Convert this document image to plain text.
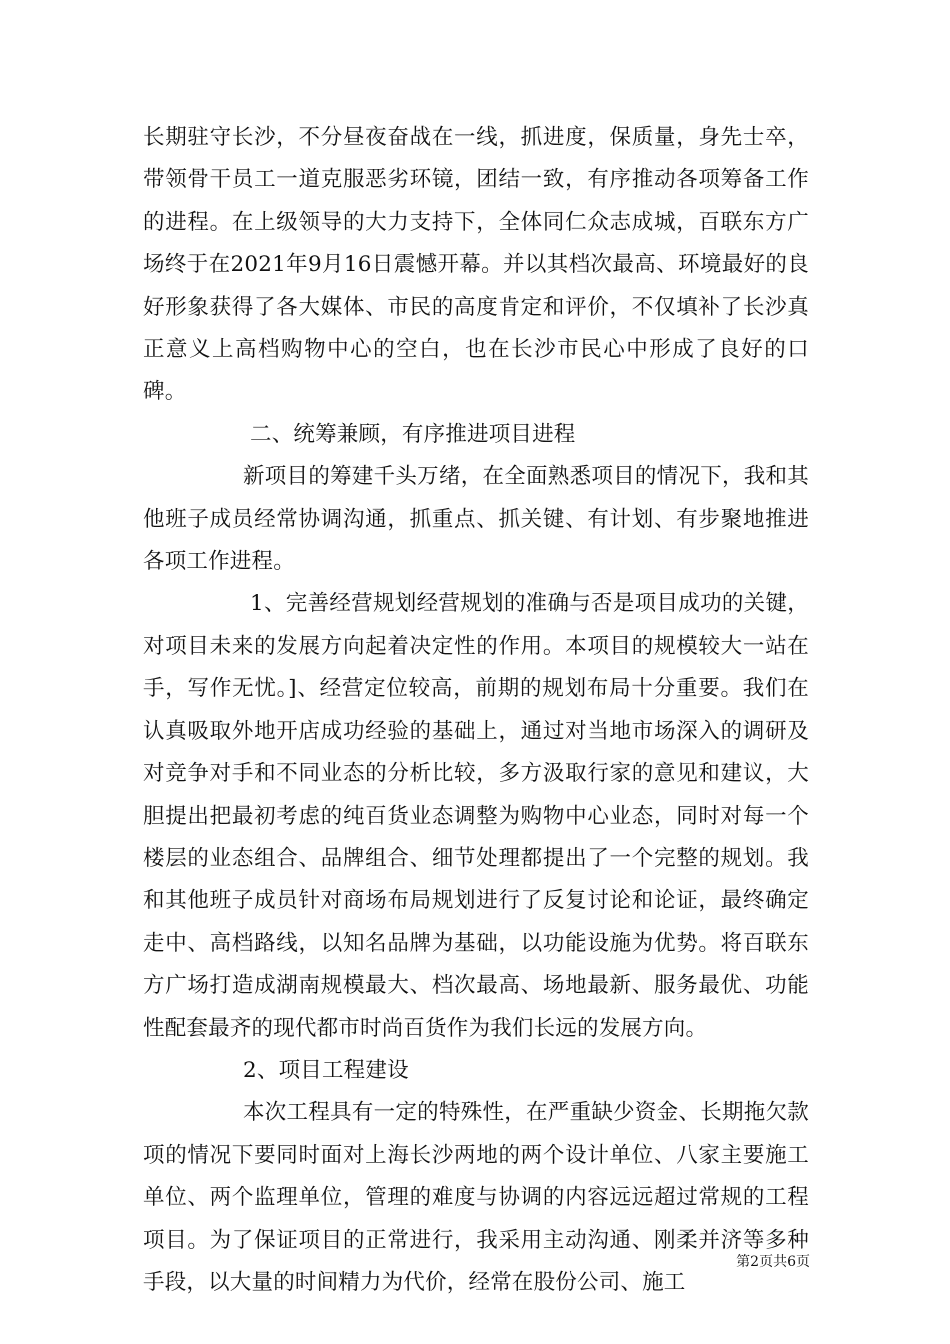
长期驻守长沙，不分昼夜奋战在一线，抓进度，保质量，身先士卒，带领骨干员工一道克服恶劣环镜，团结一致，有序推动各项筹备工作的进程。在上级领导的大力支持下，全体同仁众志成城，百联东方广场终于在2021年9月16日震憾开幕。并以其档次最高、环境最好的良好形象获得了各大媒体、市民的高度肯定和评价，不仅填补了长沙真正意义上高档购物中心的空白，也在长沙市民心中形成了良好的口碑。

二、统筹兼顾，有序推进项目进程

新项目的筹建千头万绪，在全面熟悉项目的情况下，我和其他班子成员经常协调沟通，抓重点、抓关键、有计划、有步聚地推进各项工作进程。

1、完善经营规划经营规划的准确与否是项目成功的关键，对项目未来的发展方向起着决定性的作用。本项目的规模较大一站在手，写作无忧。]、经营定位较高，前期的规划布局十分重要。我们在认真吸取外地开店成功经验的基础上，通过对当地市场深入的调研及对竞争对手和不同业态的分析比较，多方汲取行家的意见和建议，大胆提出把最初考虑的纯百货业态调整为购物中心业态，同时对每一个楼层的业态组合、品牌组合、细节处理都提出了一个完整的规划。我和其他班子成员针对商场布局规划进行了反复讨论和论证，最终确定走中、高档路线，以知名品牌为基础，以功能设施为优势。将百联东方广场打造成湖南规模最大、档次最高、场地最新、服务最优、功能性配套最齐的现代都市时尚百货作为我们长远的发展方向。

2、项目工程建设

本次工程具有一定的特殊性，在严重缺少资金、长期拖欠款项的情况下要同时面对上海长沙两地的两个设计单位、八家主要施工单位、两个监理单位，管理的难度与协调的内容远远超过常规的工程项目。为了保证项目的正常进行，我采用主动沟通、刚柔并济等多种手段，以大量的时间精力为代价，经常在股份公司、施工

第2页共6页
